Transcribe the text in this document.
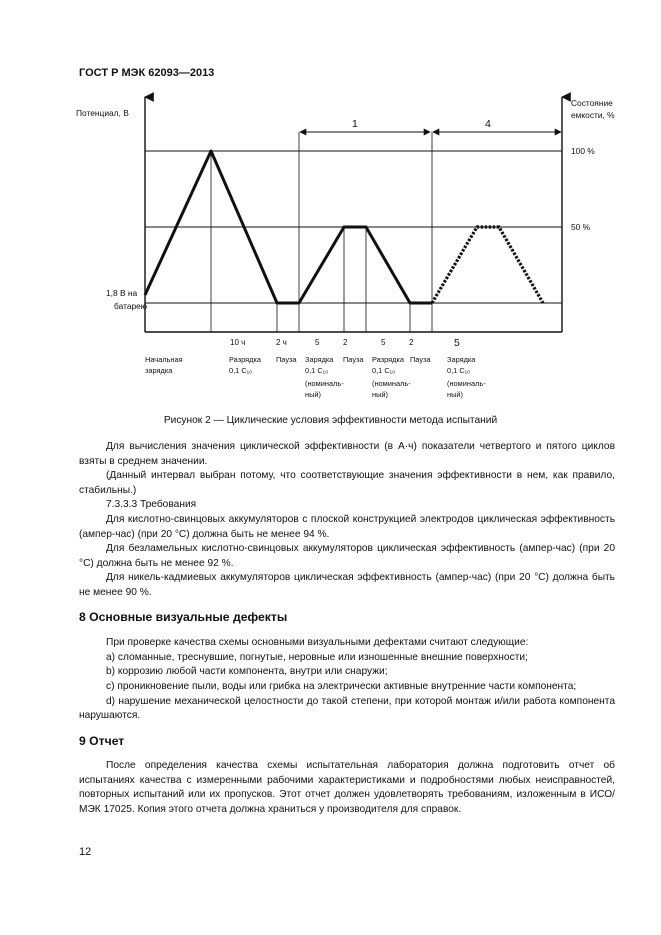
ГОСТ Р МЭК 62093—2013
Потенциал, В
1,8 В на
батарею
Состояние
емкости, %
100 %
50 %
1	4
5
10 ч	2 ч	5	2	5	2
Начальная
зарядка
Разрядка
0,1 C₁₀
Пауза Зарядка
0,1 C₁₀
(номиналь-
ный)
Пауза Разрядка
0,1 C₁₀
(номиналь-
ный)
Пауза Зарядка
0,1 C₁₀
(номиналь-
ный)
Рисунок 2 — Циклические условия эффективности метода испытаний

Для вычисления значения циклической эффективности (в А·ч) показатели четвертого и пятого циклов взяты в среднем значении.

(Данный интервал выбран потому, что соответствующие значения эффективности в нем, как правило, стабильны.)

7.3.3.3 Требования

Для кислотно-свинцовых аккумуляторов с плоской конструкцией электродов циклическая эффективность (ампер-час) (при 20 °C) должна быть не менее 94 %.

Для безламельных кислотно-свинцовых аккумуляторов циклическая эффективность (ампер-час) (при 20 °C) должна быть не менее 92 %.

Для никель-кадмиевых аккумуляторов циклическая эффективность (ампер-час) (при 20 °C) должна быть не менее 90 %.

8 Основные визуальные дефекты

При проверке качества схемы основными визуальными дефектами считают следующие:

a) сломанные, треснувшие, погнутые, неровные или изношенные внешние поверхности;

b) коррозию любой части компонента, внутри или снаружи;

c) проникновение пыли, воды или грибка на электрически активные внутренние части компонента;

d) нарушение механической целостности до такой степени, при которой монтаж и/или работа компонента нарушаются.

9 Отчет

После определения качества схемы испытательная лаборатория должна подготовить отчет об испытаниях качества с измеренными рабочими характеристиками и подробностями любых неисправностей, повторных испытаний или их пропусков. Этот отчет должен удовлетворять требованиям, изложенным в ИСО/МЭК 17025. Копия этого отчета должна храниться у производителя для справок.

12
